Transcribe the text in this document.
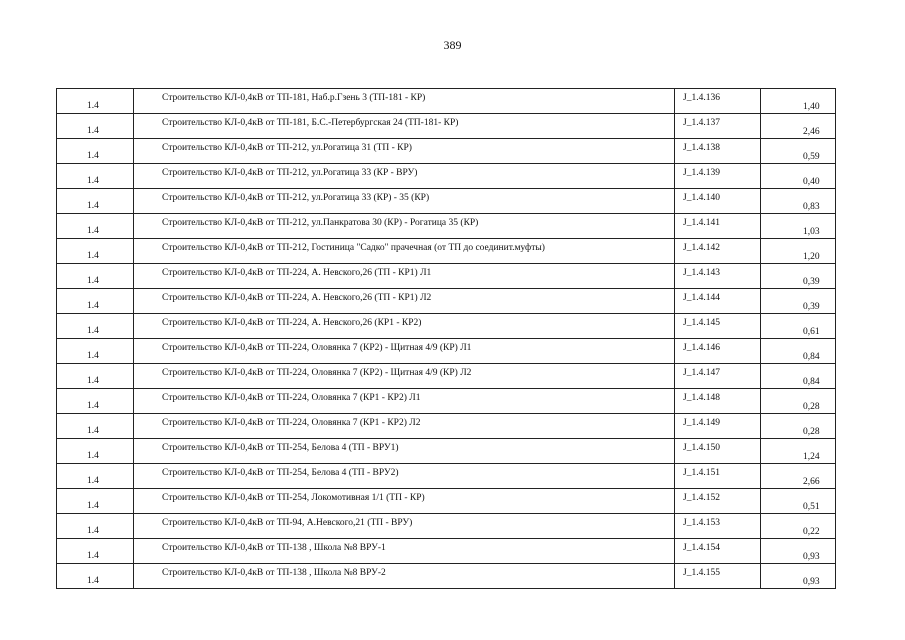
389
1.4	Строительство КЛ-0,4кВ от ТП-181, Наб.р.Гзень 3 (ТП-181 - КР)	J_1.4.136	1,40

1.4	Строительство КЛ-0,4кВ от ТП-181, Б.С.-Петербургская 24 (ТП-181- КР)	J_1.4.137	2,46

1.4	Строительство КЛ-0,4кВ от ТП-212, ул.Рогатица 31 (ТП - КР)	J_1.4.138	0,59

1.4	Строительство КЛ-0,4кВ от ТП-212, ул.Рогатица 33 (КР - ВРУ)	J_1.4.139	0,40

1.4	Строительство КЛ-0,4кВ от ТП-212, ул.Рогатица 33 (КР) - 35 (КР)	J_1.4.140	0,83

1.4	Строительство КЛ-0,4кВ от ТП-212, ул.Панкратова 30 (КР) - Рогатица 35 (КР)	J_1.4.141	1,03

1.4	Строительство КЛ-0,4кВ от ТП-212, Гостиница "Садко" прачечная (от ТП до соединит.муфты)	J_1.4.142	1,20

1.4	Строительство КЛ-0,4кВ от ТП-224, А. Невского,26 (ТП - КР1) Л1	J_1.4.143	0,39

1.4	Строительство КЛ-0,4кВ от ТП-224, А. Невского,26 (ТП - КР1) Л2	J_1.4.144	0,39

1.4	Строительство КЛ-0,4кВ от ТП-224, А. Невского,26 (КР1 - КР2)	J_1.4.145	0,61

1.4	Строительство КЛ-0,4кВ от ТП-224, Оловянка 7 (КР2) - Щитная 4/9 (КР) Л1	J_1.4.146	0,84

1.4	Строительство КЛ-0,4кВ от ТП-224, Оловянка 7 (КР2) - Щитная 4/9 (КР) Л2	J_1.4.147	0,84

1.4	Строительство КЛ-0,4кВ от ТП-224, Оловянка 7 (КР1 - КР2) Л1	J_1.4.148	0,28

1.4	Строительство КЛ-0,4кВ от ТП-224, Оловянка 7 (КР1 - КР2) Л2	J_1.4.149	0,28

1.4	Строительство КЛ-0,4кВ от ТП-254, Белова 4 (ТП - ВРУ1)	J_1.4.150	1,24

1.4	Строительство КЛ-0,4кВ от ТП-254, Белова 4 (ТП - ВРУ2)	J_1.4.151	2,66

1.4	Строительство КЛ-0,4кВ от ТП-254, Локомотивная 1/1 (ТП - КР)	J_1.4.152	0,51

1.4	Строительство КЛ-0,4кВ от ТП-94, А.Невского,21 (ТП - ВРУ)	J_1.4.153	0,22

1.4	Строительство КЛ-0,4кВ от ТП-138 , Школа №8 ВРУ-1	J_1.4.154	0,93

1.4	Строительство КЛ-0,4кВ от ТП-138 , Школа №8 ВРУ-2	J_1.4.155	0,93
